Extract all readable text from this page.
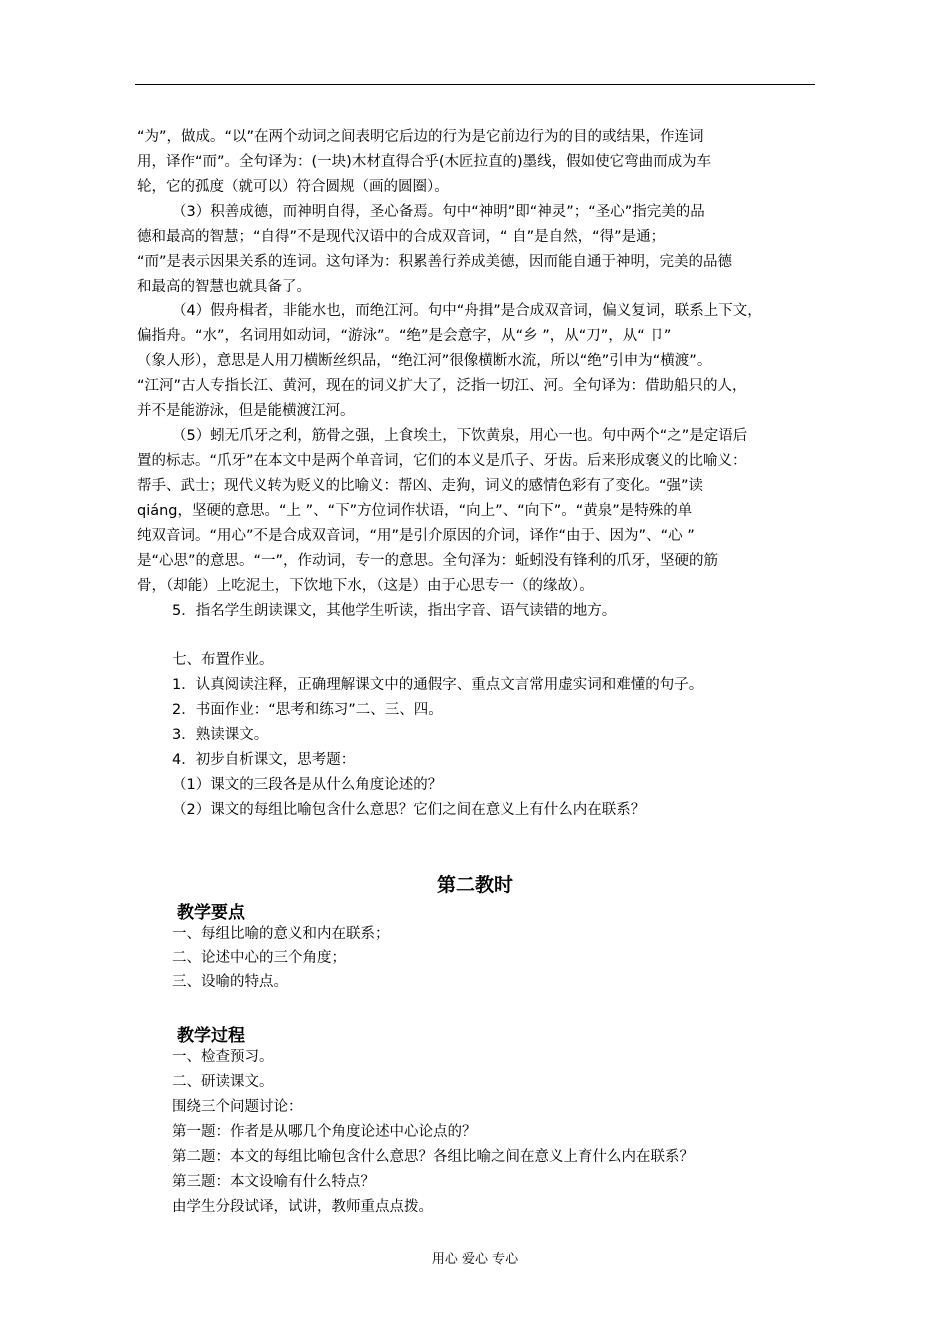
“为”，做成。“以”在两个动词之间表明它后边的行为是它前边行为的目的或结果，作连词
用，译作“而”。全句译为：(一块)木材直得合乎(木匠拉直的)墨线，假如使它弯曲而成为车
轮，它的孤度（就可以）符合圆规（画的圆圈）。
（3）积善成德，而神明自得，圣心备焉。句中“神明”即“神灵”；“圣心”指完美的品
德和最高的智慧；“自得”不是现代汉语中的合成双音词，“ 自”是自然，“得”是通；
“而”是表示因果关系的连词。这句译为：积累善行养成美德，因而能自通于神明，完美的品德
和最高的智慧也就具备了。
（4）假舟楫者，非能水也，而绝江河。句中“舟揖”是合成双音词，偏义复词，联系上下文，
偏指舟。“水”，名词用如动词，“游泳”。“绝”是会意字，从“乡 ”，从“刀”，从“ 卩”
（象人形），意思是人用刀横断丝织品，“绝江河”很像横断水流，所以“绝”引申为“横渡”。
“江河”古人专指长江、黄河，现在的词义扩大了，泛指一切江、河。全句译为：借助船只的人，
并不是能游泳，但是能横渡江河。
（5）蚓无爪牙之利，筋骨之强，上食埃土，下饮黄泉，用心一也。句中两个“之”是定语后
置的标志。“爪牙”在本文中是两个单音词，它们的本义是爪子、牙齿。后来形成褒义的比喻义：
帮手、武士；现代义转为贬义的比喻义：帮凶、走狗，词义的感情色彩有了变化。“强”读
qiáng，坚硬的意思。“上 ”、“下”方位词作状语，“向上”、“向下”。“黄泉”是特殊的单
纯双音词。“用心”不是合成双音词，“用”是引介原因的介词，译作“由于、因为”、“心 ”
是“心思”的意思。“一”，作动词，专一的意思。全句泽为：蚯蚓没有锋利的爪牙，坚硬的筋
骨，（却能）上吃泥土，下饮地下水，（这是）由于心思专一（的缘故）。
5．指名学生朗读课文，其他学生听读，指出字音、语气读错的地方。
七、布置作业。
1．认真阅读注释，正确理解课文中的通假字、重点文言常用虚实词和难懂的句子。
2．书面作业：“思考和练习”二、三、四。
3．熟读课文。
4．初步自析课文，思考题：
（1）课文的三段各是从什么角度论述的？
（2）课文的每组比喻包含什么意思？它们之间在意义上有什么内在联系？
第二教时
教学要点
一、每组比喻的意义和内在联系；
二、论述中心的三个角度；
三、设喻的特点。
教学过程
一、检查预习。
二、研读课文。
围绕三个问题讨论：
第一题：作者是从哪几个角度论述中心论点的？
第二题：本文的每组比喻包含什么意思？各组比喻之间在意义上育什么内在联系？
第三题：本文设喻有什么特点？
由学生分段试译，试讲，教师重点点拨。
用心 爱心 专心
